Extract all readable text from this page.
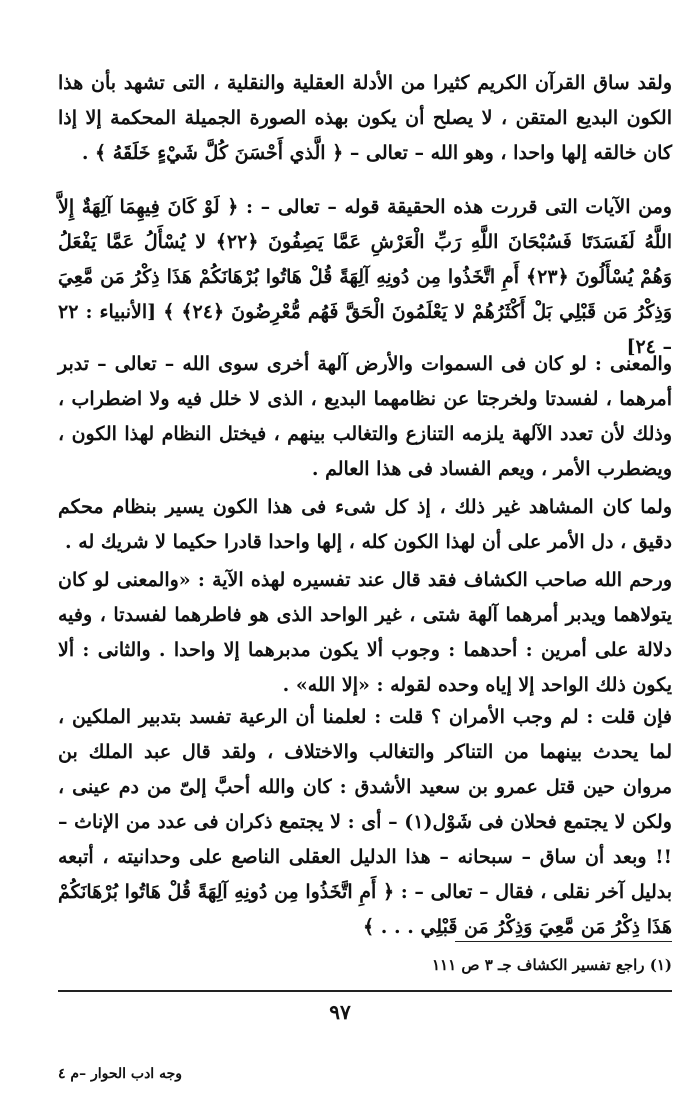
ولقد ساق القرآن الكريم كثيرا من الأدلة العقلية والنقلية ، التى تشهد بأن هذا الكون البديع المتقن ، لا يصلح أن يكون بهذه الصورة الجميلة المحكمة إلا إذا كان خالقه إلها واحدا ، وهو الله – تعالى – ﴿ الَّذي أَحْسَنَ كُلَّ شَيْءٍ خَلَقَهُ ﴾ .

ومن الآيات التى قررت هذه الحقيقة قوله – تعالى – : ﴿ لَوْ كَانَ فِيهِمَا آلِهَةٌ إِلاَّ اللَّهُ لَفَسَدَتَا فَسُبْحَانَ اللَّهِ رَبِّ الْعَرْشِ عَمَّا يَصِفُونَ ﴿٢٢﴾ لا يُسْأَلُ عَمَّا يَفْعَلُ وَهُمْ يُسْأَلُونَ ﴿٢٣﴾ أَمِ اتَّخَذُوا مِن دُونِهِ آلِهَةً قُلْ هَاتُوا بُرْهَانَكُمْ هَذَا ذِكْرُ مَن مَّعِيَ وَذِكْرُ مَن قَبْلِي بَلْ أَكْثَرُهُمْ لا يَعْلَمُونَ الْحَقَّ فَهُم مُّعْرِضُونَ ﴿٢٤﴾ ﴾ [الأنبياء : ٢٢ – ٢٤]

والمعنى : لو كان فى السموات والأرض آلهة أخرى سوى الله – تعالى – تدبر أمرهما ، لفسدتا ولخرجتا عن نظامهما البديع ، الذى لا خلل فيه ولا اضطراب ، وذلك لأن تعدد الآلهة يلزمه التنازع والتغالب بينهم ، فيختل النظام لهذا الكون ، ويضطرب الأمر ، ويعم الفساد فى هذا العالم .

ولما كان المشاهد غير ذلك ، إذ كل شىء فى هذا الكون يسير بنظام محكم دقيق ، دل الأمر على أن لهذا الكون كله ، إلها واحدا قادرا حكيما لا شريك له .

ورحم الله صاحب الكشاف فقد قال عند تفسيره لهذه الآية : «والمعنى لو كان يتولاهما ويدبر أمرهما آلهة شتى ، غير الواحد الذى هو فاطرهما لفسدتا ، وفيه دلالة على أمرين : أحدهما : وجوب ألا يكون مدبرهما إلا واحدا . والثانى : ألا يكون ذلك الواحد إلا إياه وحده لقوله : «إلا الله» .

فإن قلت : لم وجب الأمران ؟ قلت : لعلمنا أن الرعية تفسد بتدبير الملكين ، لما يحدث بينهما من التناكر والتغالب والاختلاف ، ولقد قال عبد الملك بن مروان حين قتل عمرو بن سعيد الأشدق : كان والله أحبَّ إلىّ من دم عينى ، ولكن لا يجتمع فحلان فى شَوْل(١) – أى : لا يجتمع ذكران فى عدد من الإناث – !! وبعد أن ساق – سبحانه – هذا الدليل العقلى الناصع على وحدانيته ، أتبعه بدليل آخر نقلى ، فقال – تعالى – : ﴿ أَمِ اتَّخَذُوا مِن دُونِهِ آلِهَةً قُلْ هَاتُوا بُرْهَانَكُمْ هَذَا ذِكْرُ مَن مَّعِيَ وَذِكْرُ مَن قَبْلِي . . . ﴾

(١) راجع تفسير الكشاف جـ ٣ ص ١١١
٩٧
وجه ادب الحوار –م ٤
